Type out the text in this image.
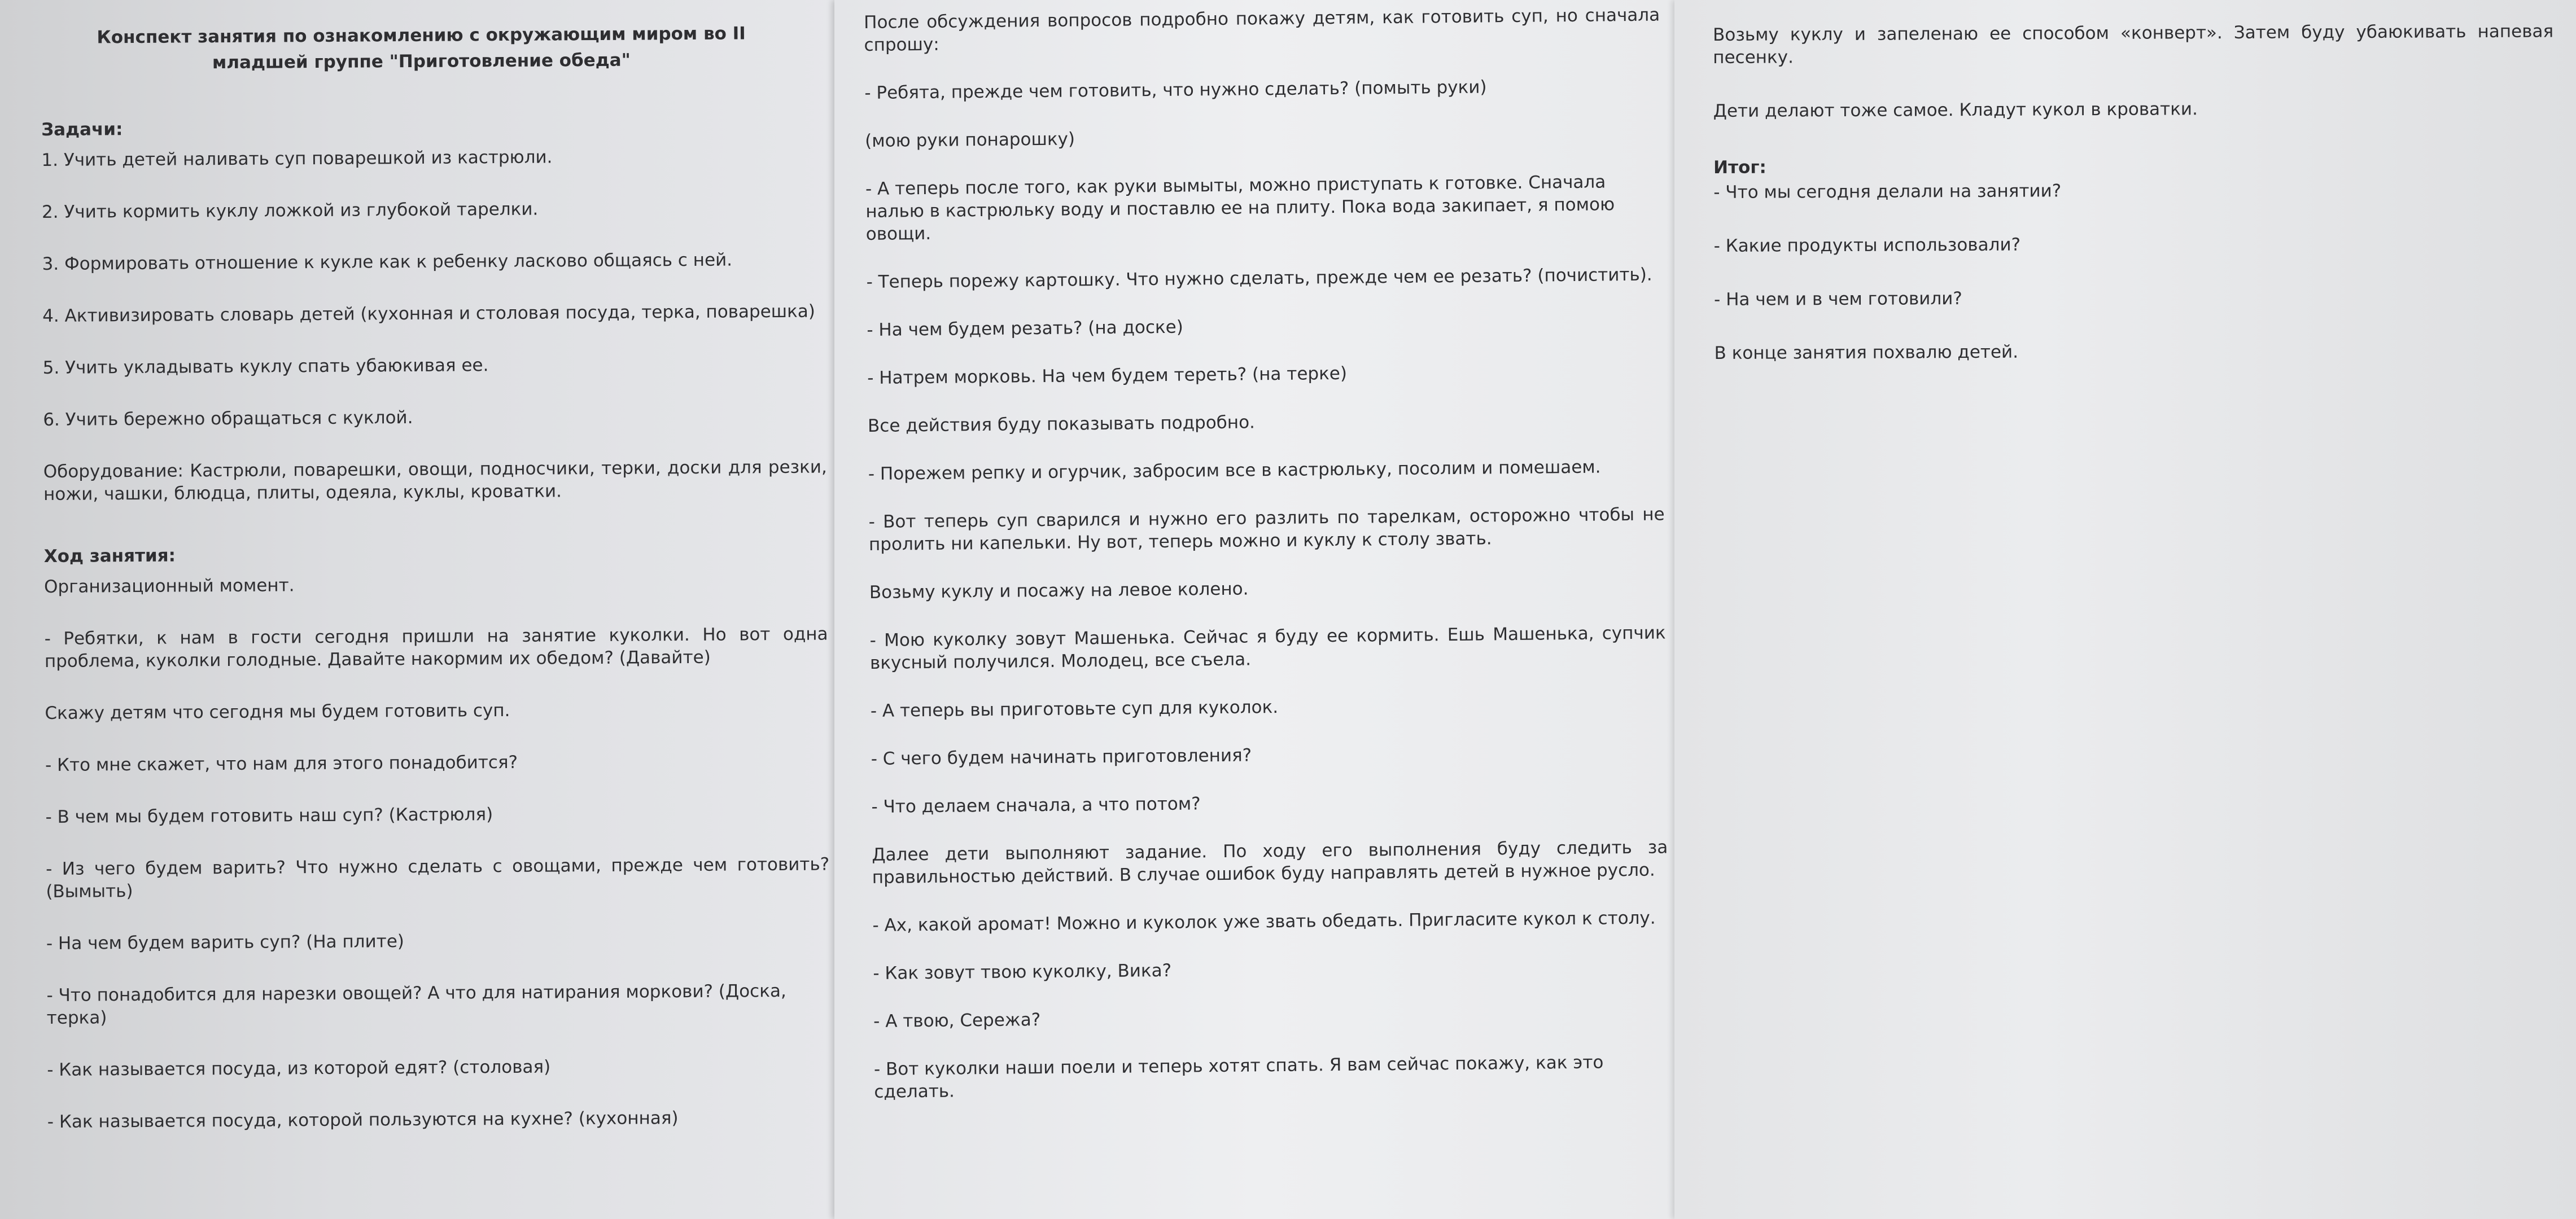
Конспект занятия по ознакомлению с окружающим миром во II младшей группе "Приготовление обеда"
Задачи:
1. Учить детей наливать суп поварешкой из кастрюли.
2. Учить кормить куклу ложкой из глубокой тарелки.
3. Формировать отношение к кукле как к ребенку ласково общаясь с ней.
4. Активизировать словарь детей (кухонная и столовая посуда, терка, поварешка)
5. Учить укладывать куклу спать убаюкивая ее.
6. Учить бережно обращаться с куклой.
Оборудование: Кастрюли, поварешки, овощи, подносчики, терки, доски для резки, ножи, чашки, блюдца, плиты, одеяла, куклы, кроватки.
Ход занятия:
Организационный момент.
- Ребятки, к нам в гости сегодня пришли на занятие куколки. Но вот одна проблема, куколки голодные. Давайте накормим их обедом? (Давайте)
Скажу детям что сегодня мы будем готовить суп.
- Кто мне скажет, что нам для этого понадобится?
- В чем мы будем готовить наш суп? (Кастрюля)
- Из чего будем варить? Что нужно сделать с овощами, прежде чем готовить? (Вымыть)
- На чем будем варить суп? (На плите)
- Что понадобится для нарезки овощей? А что для натирания моркови? (Доска, терка)
- Как называется посуда, из которой едят? (столовая)
- Как называется посуда, которой пользуются на кухне? (кухонная)
После обсуждения вопросов подробно покажу детям, как готовить суп, но сначала спрошу:
- Ребята, прежде чем готовить, что нужно сделать? (помыть руки)
(мою руки понарошку)
- А теперь после того, как руки вымыты, можно приступать к готовке. Сначала налью в кастрюльку воду и поставлю ее на плиту. Пока вода закипает, я помою овощи.
- Теперь порежу картошку. Что нужно сделать, прежде чем ее резать? (почистить).
- На чем будем резать? (на доске)
- Натрем морковь. На чем будем тереть? (на терке)
Все действия буду показывать подробно.
- Порежем репку и огурчик, забросим все в кастрюльку, посолим и помешаем.
- Вот теперь суп сварился и нужно его разлить по тарелкам, осторожно чтобы не пролить ни капельки. Ну вот, теперь можно и куклу к столу звать.
Возьму куклу и посажу на левое колено.
- Мою куколку зовут Машенька. Сейчас я буду ее кормить. Ешь Машенька, супчик вкусный получился. Молодец, все съела.
- А теперь вы приготовьте суп для куколок.
- С чего будем начинать приготовления?
- Что делаем сначала, а что потом?
Далее дети выполняют задание. По ходу его выполнения буду следить за правильностью действий. В случае ошибок буду направлять детей в нужное русло.
- Ах, какой аромат! Можно и куколок уже звать обедать. Пригласите кукол к столу.
- Как зовут твою куколку, Вика?
- А твою, Сережа?
- Вот куколки наши поели и теперь хотят спать. Я вам сейчас покажу, как это сделать.
Возьму куклу и запеленаю ее способом «конверт». Затем буду убаюкивать напевая песенку.
Дети делают тоже самое. Кладут кукол в кроватки.
Итог:
- Что мы сегодня делали на занятии?
- Какие продукты использовали?
- На чем и в чем готовили?
В конце занятия похвалю детей.
